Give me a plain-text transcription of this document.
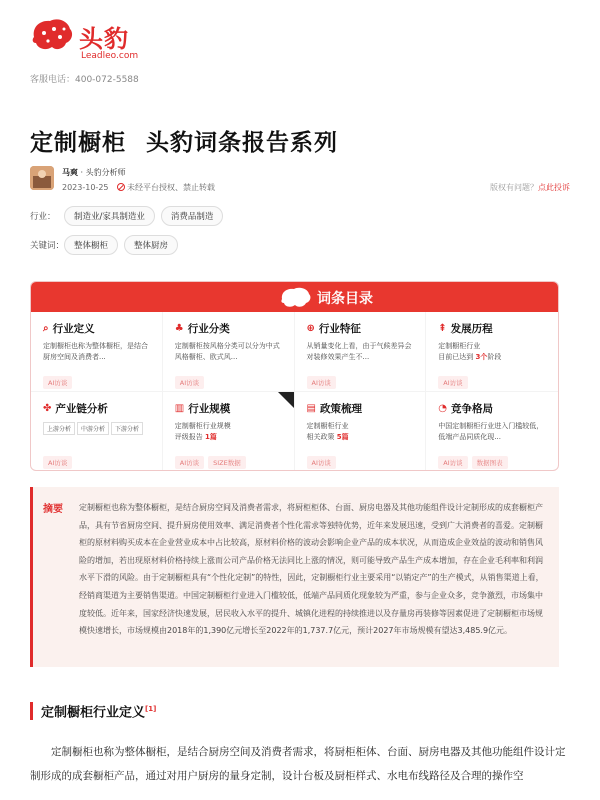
头豹
Leadleo.com
客服电话：400-072-5588
定制橱柜 头豹词条报告系列
马爽 · 头豹分析师
2023-10-25 未经平台授权、禁止转载	版权有问题？点此投诉
行业：	制造业/家具制造业	消费品制造
关键词：	整体橱柜	整体厨房
词条目录
⌕ 行业定义
定制橱柜也称为整体橱柜，是结合厨房空间及消费者...
AI访谈
♣ 行业分类
定制橱柜按风格分类可以分为中式风格橱柜、欧式风...
AI访谈
⊕ 行业特征
从销量变化上看，由于气候差异会对装修效果产生不...
AI访谈
⇞ 发展历程
定制橱柜行业
目前已达到 3个阶段
AI访谈
✤ 产业链分析
上游分析 中游分析 下游分析
AI访谈
▥ 行业规模
定制橱柜行业规模
评级报告 1篇
AI访谈 SIZE数据
▤ 政策梳理
定制橱柜行业
相关政策 5篇
AI访谈
◔ 竞争格局
中国定制橱柜行业进入门槛较低，低端产品同质化现...
AI访谈 数据图表
摘要 定制橱柜也称为整体橱柜，是结合厨房空间及消费者需求，将厨柜柜体、台面、厨房电器及其他功能组件设计定制形成的成套橱柜产品，具有节省厨房空间、提升厨房使用效率、满足消费者个性化需求等独特优势，近年来发展迅速，受到广大消费者的喜爱。定制橱柜的原材料购买成本在企业营业成本中占比较高，原材料价格的波动会影响企业产品的成本状况，从而造成企业效益的波动和销售风险的增加，若出现原材料价格持续上涨而公司产品价格无法同比上涨的情况，则可能导致产品生产成本增加，存在企业毛利率和利润水平下滑的风险。由于定制橱柜具有“个性化定制”的特性，因此，定制橱柜行业主要采用“以销定产”的生产模式，从销售渠道上看，经销商渠道为主要销售渠道。中国定制橱柜行业进入门槛较低，低端产品同质化现象较为严重，参与企业众多，竞争激烈，市场集中度较低。近年来，国家经济快速发展，居民收入水平的提升、城镇化进程的持续推进以及存量房再装修等因素促进了定制橱柜市场规模快速增长，市场规模由2018年的1,390亿元增长至2022年的1,737.7亿元，预计2027年市场规模有望达3,485.9亿元。
定制橱柜行业定义[1]
定制橱柜也称为整体橱柜，是结合厨房空间及消费者需求，将厨柜柜体、台面、厨房电器及其他功能组件设计定制形成的成套橱柜产品，通过对用户厨房的量身定制，设计台板及厨柜样式、水电布线路径及合理的操作空
